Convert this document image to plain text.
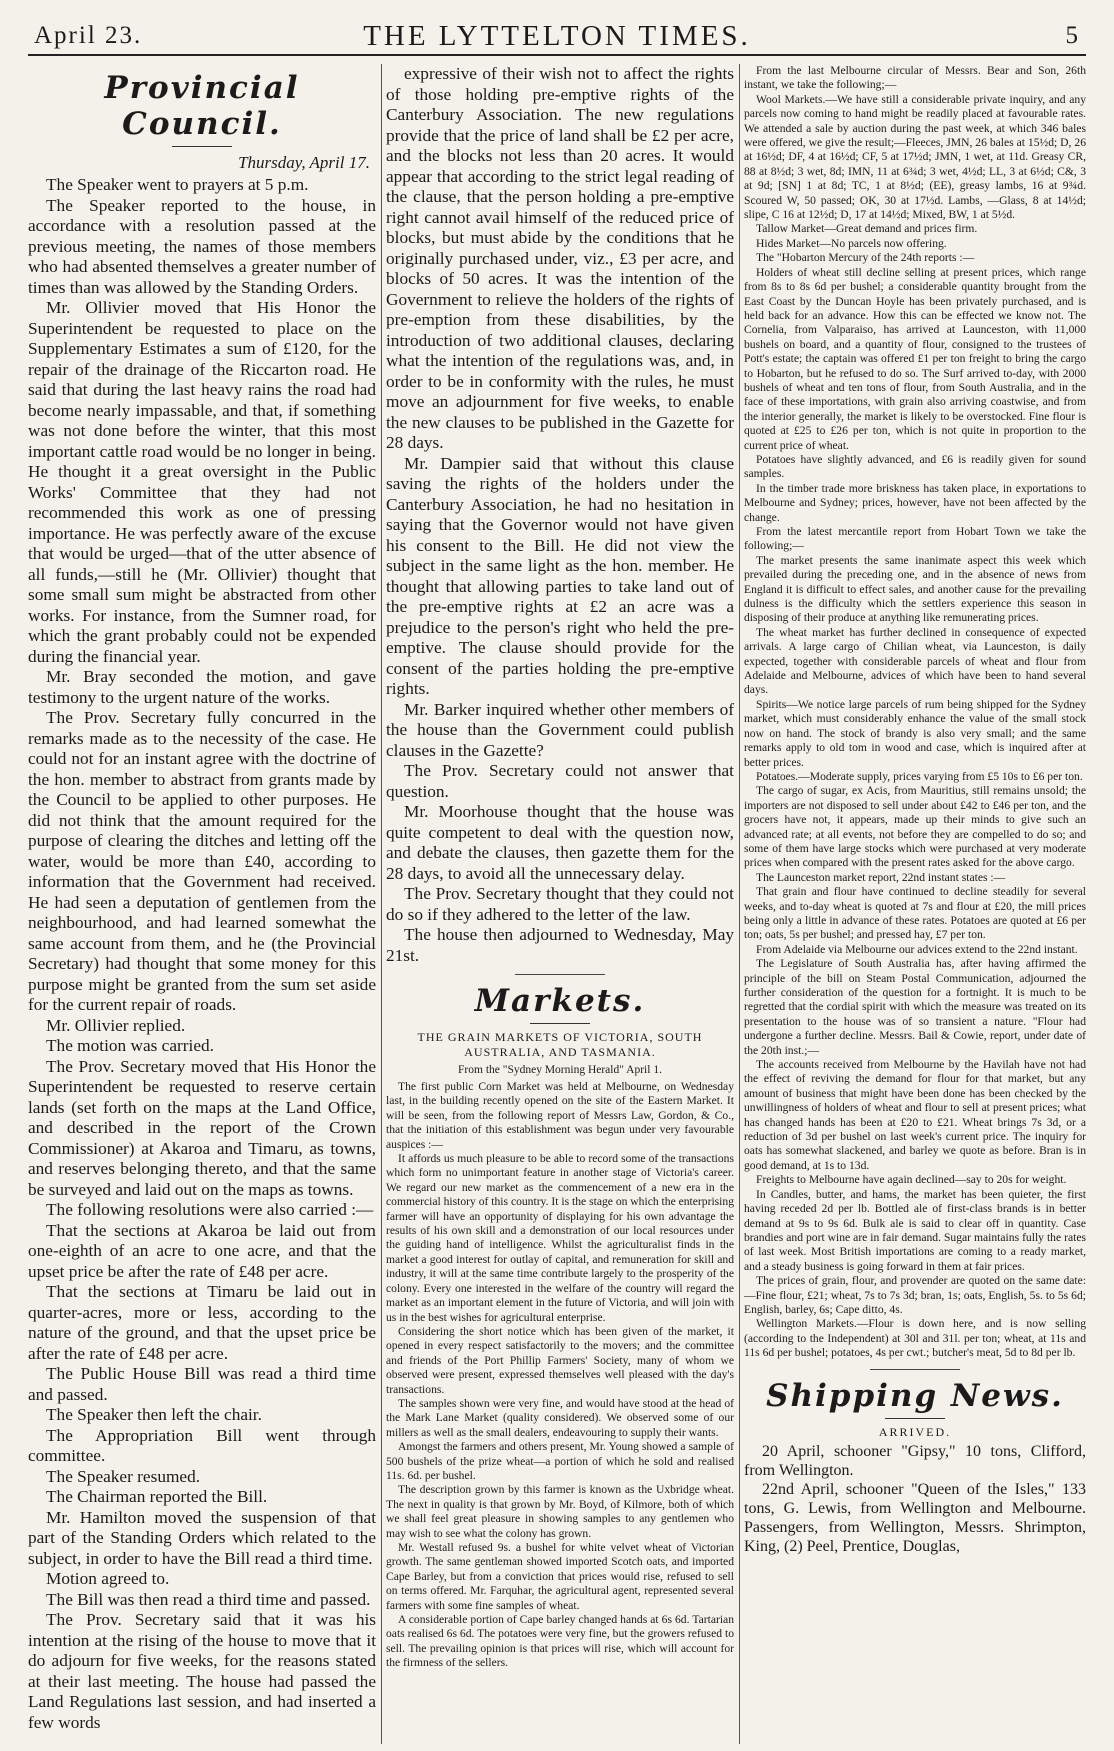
April 23.	THE LYTTELTON TIMES.	5
Provincial Council.
Thursday, April 17.

The Speaker went to prayers at 5 p.m.

The Speaker reported to the house, in accordance with a resolution passed at the previous meeting, the names of those members who had absented themselves a greater number of times than was allowed by the Standing Orders.

Mr. Ollivier moved that His Honor the Superintendent be requested to place on the Supplementary Estimates a sum of £120, for the repair of the drainage of the Riccarton road. He said that during the last heavy rains the road had become nearly impassable, and that, if something was not done before the winter, that this most important cattle road would be no longer in being. He thought it a great oversight in the Public Works' Committee that they had not recommended this work as one of pressing importance. He was perfectly aware of the excuse that would be urged—that of the utter absence of all funds,—still he (Mr. Ollivier) thought that some small sum might be abstracted from other works. For instance, from the Sumner road, for which the grant probably could not be expended during the financial year.

Mr. Bray seconded the motion, and gave testimony to the urgent nature of the works.

The Prov. Secretary fully concurred in the remarks made as to the necessity of the case. He could not for an instant agree with the doctrine of the hon. member to abstract from grants made by the Council to be applied to other purposes. He did not think that the amount required for the purpose of clearing the ditches and letting off the water, would be more than £40, according to information that the Government had received. He had seen a deputation of gentlemen from the neighbourhood, and had learned somewhat the same account from them, and he (the Provincial Secretary) had thought that some money for this purpose might be granted from the sum set aside for the current repair of roads.

Mr. Ollivier replied.

The motion was carried.

The Prov. Secretary moved that His Honor the Superintendent be requested to reserve certain lands (set forth on the maps at the Land Office, and described in the report of the Crown Commissioner) at Akaroa and Timaru, as towns, and reserves belonging thereto, and that the same be surveyed and laid out on the maps as towns.

The following resolutions were also carried :—

That the sections at Akaroa be laid out from one-eighth of an acre to one acre, and that the upset price be after the rate of £48 per acre.

That the sections at Timaru be laid out in quarter-acres, more or less, according to the nature of the ground, and that the upset price be after the rate of £48 per acre.

The Public House Bill was read a third time and passed.

The Speaker then left the chair.

The Appropriation Bill went through committee.

The Speaker resumed.

The Chairman reported the Bill.

Mr. Hamilton moved the suspension of that part of the Standing Orders which related to the subject, in order to have the Bill read a third time.

Motion agreed to.

The Bill was then read a third time and passed.

The Prov. Secretary said that it was his intention at the rising of the house to move that it do adjourn for five weeks, for the reasons stated at their last meeting. The house had passed the Land Regulations last session, and had inserted a few words

expressive of their wish not to affect the rights of those holding pre-emptive rights of the Canterbury Association. The new regulations provide that the price of land shall be £2 per acre, and the blocks not less than 20 acres. It would appear that according to the strict legal reading of the clause, that the person holding a pre-emptive right cannot avail himself of the reduced price of blocks, but must abide by the conditions that he originally purchased under, viz., £3 per acre, and blocks of 50 acres. It was the intention of the Government to relieve the holders of the rights of pre-emption from these disabilities, by the introduction of two additional clauses, declaring what the intention of the regulations was, and, in order to be in conformity with the rules, he must move an adjournment for five weeks, to enable the new clauses to be published in the Gazette for 28 days.

Mr. Dampier said that without this clause saving the rights of the holders under the Canterbury Association, he had no hesitation in saying that the Governor would not have given his consent to the Bill. He did not view the subject in the same light as the hon. member. He thought that allowing parties to take land out of the pre-emptive rights at £2 an acre was a prejudice to the person's right who held the pre-emptive. The clause should provide for the consent of the parties holding the pre-emptive rights.

Mr. Barker inquired whether other members of the house than the Government could publish clauses in the Gazette?

The Prov. Secretary could not answer that question.

Mr. Moorhouse thought that the house was quite competent to deal with the question now, and debate the clauses, then gazette them for the 28 days, to avoid all the unnecessary delay.

The Prov. Secretary thought that they could not do so if they adhered to the letter of the law.

The house then adjourned to Wednesday, May 21st.

Markets.
THE GRAIN MARKETS OF VICTORIA, SOUTH AUSTRALIA, AND TASMANIA.
From the "Sydney Morning Herald" April 1.

The first public Corn Market was held at Melbourne, on Wednesday last, in the building recently opened on the site of the Eastern Market. It will be seen, from the following report of Messrs Law, Gordon, & Co., that the initiation of this establishment was begun under very favourable auspices :—

It affords us much pleasure to be able to record some of the transactions which form no unimportant feature in another stage of Victoria's career. We regard our new market as the commencement of a new era in the commercial history of this country. It is the stage on which the enterprising farmer will have an opportunity of displaying for his own advantage the results of his own skill and a demonstration of our local resources under the guiding hand of intelligence. Whilst the agriculturalist finds in the market a good interest for outlay of capital, and remuneration for skill and industry, it will at the same time contribute largely to the prosperity of the colony. Every one interested in the welfare of the country will regard the market as an important element in the future of Victoria, and will join with us in the best wishes for agricultural enterprise.

Considering the short notice which has been given of the market, it opened in every respect satisfactorily to the movers; and the committee and friends of the Port Phillip Farmers' Society, many of whom we observed were present, expressed themselves well pleased with the day's transactions.

The samples shown were very fine, and would have stood at the head of the Mark Lane Market (quality considered). We observed some of our millers as well as the small dealers, endeavouring to supply their wants.

Amongst the farmers and others present, Mr. Young showed a sample of 500 bushels of the prize wheat—a portion of which he sold and realised 11s. 6d. per bushel.

The description grown by this farmer is known as the Uxbridge wheat. The next in quality is that grown by Mr. Boyd, of Kilmore, both of which we shall feel great pleasure in showing samples to any gentlemen who may wish to see what the colony has grown.

Mr. Westall refused 9s. a bushel for white velvet wheat of Victorian growth. The same gentleman showed imported Scotch oats, and imported Cape Barley, but from a conviction that prices would rise, refused to sell on terms offered. Mr. Farquhar, the agricultural agent, represented several farmers with some fine samples of wheat.

A considerable portion of Cape barley changed hands at 6s 6d. Tartarian oats realised 6s 6d. The potatoes were very fine, but the growers refused to sell. The prevailing opinion is that prices will rise, which will account for the firmness of the sellers.

From the last Melbourne circular of Messrs. Bear and Son, 26th instant, we take the following;—

Wool Markets.—We have still a considerable private inquiry, and any parcels now coming to hand might be readily placed at favourable rates. We attended a sale by auction during the past week, at which 346 bales were offered, we give the result;—Fleeces, JMN, 26 bales at 15½d; D, 26 at 16½d; DF, 4 at 16½d; CF, 5 at 17½d; JMN, 1 wet, at 11d. Greasy CR, 88 at 8½d; 3 wet, 8d; IMN, 11 at 6¾d; 3 wet, 4½d; LL, 3 at 6½d; C&, 3 at 9d; [SN] 1 at 8d; TC, 1 at 8½d; (EE), greasy lambs, 16 at 9¾d. Scoured W, 50 passed; OK, 30 at 17½d. Lambs, —Glass, 8 at 14½d; slipe, C 16 at 12½d; D, 17 at 14½d; Mixed, BW, 1 at 5½d.

Tallow Market—Great demand and prices firm.

Hides Market—No parcels now offering.

The "Hobarton Mercury of the 24th reports :—

Holders of wheat still decline selling at present prices, which range from 8s to 8s 6d per bushel; a considerable quantity brought from the East Coast by the Duncan Hoyle has been privately purchased, and is held back for an advance. How this can be effected we know not. The Cornelia, from Valparaiso, has arrived at Launceston, with 11,000 bushels on board, and a quantity of flour, consigned to the trustees of Pott's estate; the captain was offered £1 per ton freight to bring the cargo to Hobarton, but he refused to do so. The Surf arrived to-day, with 2000 bushels of wheat and ten tons of flour, from South Australia, and in the face of these importations, with grain also arriving coastwise, and from the interior generally, the market is likely to be overstocked. Fine flour is quoted at £25 to £26 per ton, which is not quite in proportion to the current price of wheat.

Potatoes have slightly advanced, and £6 is readily given for sound samples.

In the timber trade more briskness has taken place, in exportations to Melbourne and Sydney; prices, however, have not been affected by the change.

From the latest mercantile report from Hobart Town we take the following;—

The market presents the same inanimate aspect this week which prevailed during the preceding one, and in the absence of news from England it is difficult to effect sales, and another cause for the prevailing dulness is the difficulty which the settlers experience this season in disposing of their produce at anything like remunerating prices.

The wheat market has further declined in consequence of expected arrivals. A large cargo of Chilian wheat, via Launceston, is daily expected, together with considerable parcels of wheat and flour from Adelaide and Melbourne, advices of which have been to hand several days.

Spirits—We notice large parcels of rum being shipped for the Sydney market, which must considerably enhance the value of the small stock now on hand. The stock of brandy is also very small; and the same remarks apply to old tom in wood and case, which is inquired after at better prices.

Potatoes.—Moderate supply, prices varying from £5 10s to £6 per ton.

The cargo of sugar, ex Acis, from Mauritius, still remains unsold; the importers are not disposed to sell under about £42 to £46 per ton, and the grocers have not, it appears, made up their minds to give such an advanced rate; at all events, not before they are compelled to do so; and some of them have large stocks which were purchased at very moderate prices when compared with the present rates asked for the above cargo.

The Launceston market report, 22nd instant states :—

That grain and flour have continued to decline steadily for several weeks, and to-day wheat is quoted at 7s and flour at £20, the mill prices being only a little in advance of these rates. Potatoes are quoted at £6 per ton; oats, 5s per bushel; and pressed hay, £7 per ton.

From Adelaide via Melbourne our advices extend to the 22nd instant.

The Legislature of South Australia has, after having affirmed the principle of the bill on Steam Postal Communication, adjourned the further consideration of the question for a fortnight. It is much to be regretted that the cordial spirit with which the measure was treated on its presentation to the house was of so transient a nature. "Flour had undergone a further decline. Messrs. Bail & Cowie, report, under date of the 20th inst.;—

The accounts received from Melbourne by the Havilah have not had the effect of reviving the demand for flour for that market, but any amount of business that might have been done has been checked by the unwillingness of holders of wheat and flour to sell at present prices; what has changed hands has been at £20 to £21. Wheat brings 7s 3d, or a reduction of 3d per bushel on last week's current price. The inquiry for oats has somewhat slackened, and barley we quote as before. Bran is in good demand, at 1s to 13d.

Freights to Melbourne have again declined—say to 20s for weight.

In Candles, butter, and hams, the market has been quieter, the first having receded 2d per lb. Bottled ale of first-class brands is in better demand at 9s to 9s 6d. Bulk ale is said to clear off in quantity. Case brandies and port wine are in fair demand. Sugar maintains fully the rates of last week. Most British importations are coming to a ready market, and a steady business is going forward in them at fair prices.

The prices of grain, flour, and provender are quoted on the same date:—Fine flour, £21; wheat, 7s to 7s 3d; bran, 1s; oats, English, 5s. to 5s 6d; English, barley, 6s; Cape ditto, 4s.

Wellington Markets.—Flour is down here, and is now selling (according to the Independent) at 30l and 31l. per ton; wheat, at 11s and 11s 6d per bushel; potatoes, 4s per cwt.; butcher's meat, 5d to 8d per lb.

Shipping News.
ARRIVED.

20 April, schooner "Gipsy," 10 tons, Clifford, from Wellington.

22nd April, schooner "Queen of the Isles," 133 tons, G. Lewis, from Wellington and Melbourne. Passengers, from Wellington, Messrs. Shrimpton, King, (2) Peel, Prentice, Douglas,
